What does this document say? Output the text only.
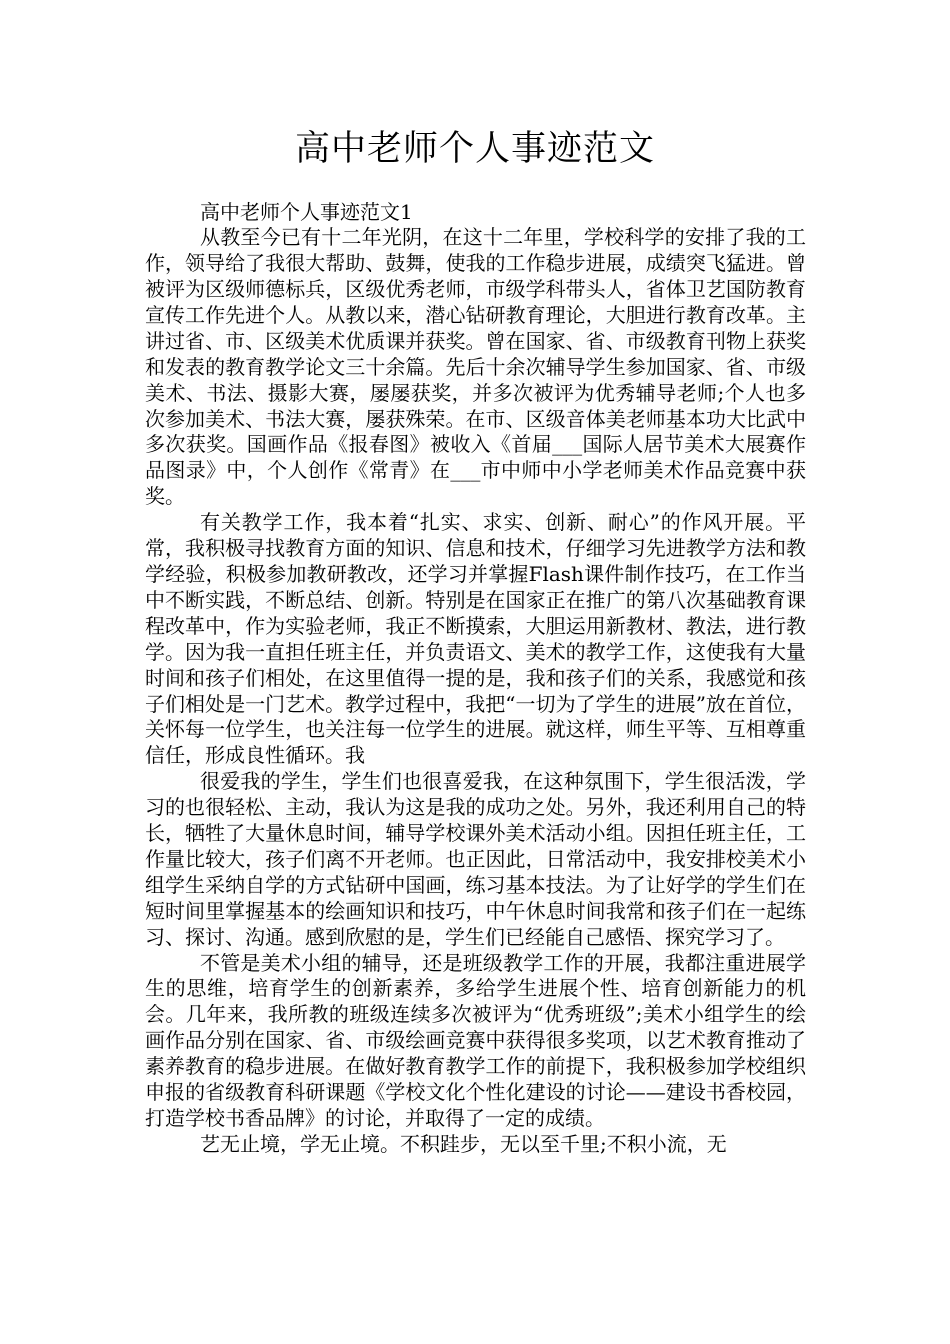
高中老师个人事迹范文

高中老师个人事迹范文1

从教至今已有十二年光阴，在这十二年里，学校科学的安排了我的工作，领导给了我很大帮助、鼓舞，使我的工作稳步进展，成绩突飞猛进。曾被评为区级师德标兵，区级优秀老师，市级学科带头人，省体卫艺国防教育宣传工作先进个人。从教以来，潜心钻研教育理论，大胆进行教育改革。主讲过省、市、区级美术优质课并获奖。曾在国家、省、市级教育刊物上获奖和发表的教育教学论文三十余篇。先后十余次辅导学生参加国家、省、市级美术、书法、摄影大赛，屡屡获奖，并多次被评为优秀辅导老师;个人也多次参加美术、书法大赛，屡获殊荣。在市、区级音体美老师基本功大比武中多次获奖。国画作品《报春图》被收入《首届___国际人居节美术大展赛作品图录》中，个人创作《常青》在___市中师中小学老师美术作品竞赛中获奖。

有关教学工作，我本着“扎实、求实、创新、耐心”的作风开展。平常，我积极寻找教育方面的知识、信息和技术，仔细学习先进教学方法和教学经验，积极参加教研教改，还学习并掌握Flash课件制作技巧，在工作当中不断实践，不断总结、创新。特别是在国家正在推广的第八次基础教育课程改革中，作为实验老师，我正不断摸索，大胆运用新教材、教法，进行教学。因为我一直担任班主任，并负责语文、美术的教学工作，这使我有大量时间和孩子们相处，在这里值得一提的是，我和孩子们的关系，我感觉和孩子们相处是一门艺术。教学过程中，我把“一切为了学生的进展”放在首位，关怀每一位学生，也关注每一位学生的进展。就这样，师生平等、互相尊重信任，形成良性循环。我

很爱我的学生，学生们也很喜爱我，在这种氛围下，学生很活泼，学习的也很轻松、主动，我认为这是我的成功之处。另外，我还利用自己的特长，牺牲了大量休息时间，辅导学校课外美术活动小组。因担任班主任，工作量比较大，孩子们离不开老师。也正因此，日常活动中，我安排校美术小组学生采纳自学的方式钻研中国画，练习基本技法。为了让好学的学生们在短时间里掌握基本的绘画知识和技巧，中午休息时间我常和孩子们在一起练习、探讨、沟通。感到欣慰的是，学生们已经能自己感悟、探究学习了。

不管是美术小组的辅导，还是班级教学工作的开展，我都注重进展学生的思维，培育学生的创新素养，多给学生进展个性、培育创新能力的机会。几年来，我所教的班级连续多次被评为“优秀班级”;美术小组学生的绘画作品分别在国家、省、市级绘画竞赛中获得很多奖项，以艺术教育推动了素养教育的稳步进展。在做好教育教学工作的前提下，我积极参加学校组织申报的省级教育科研课题《学校文化个性化建设的讨论——建设书香校园，打造学校书香品牌》的讨论，并取得了一定的成绩。

艺无止境，学无止境。不积跬步，无以至千里;不积小流，无
